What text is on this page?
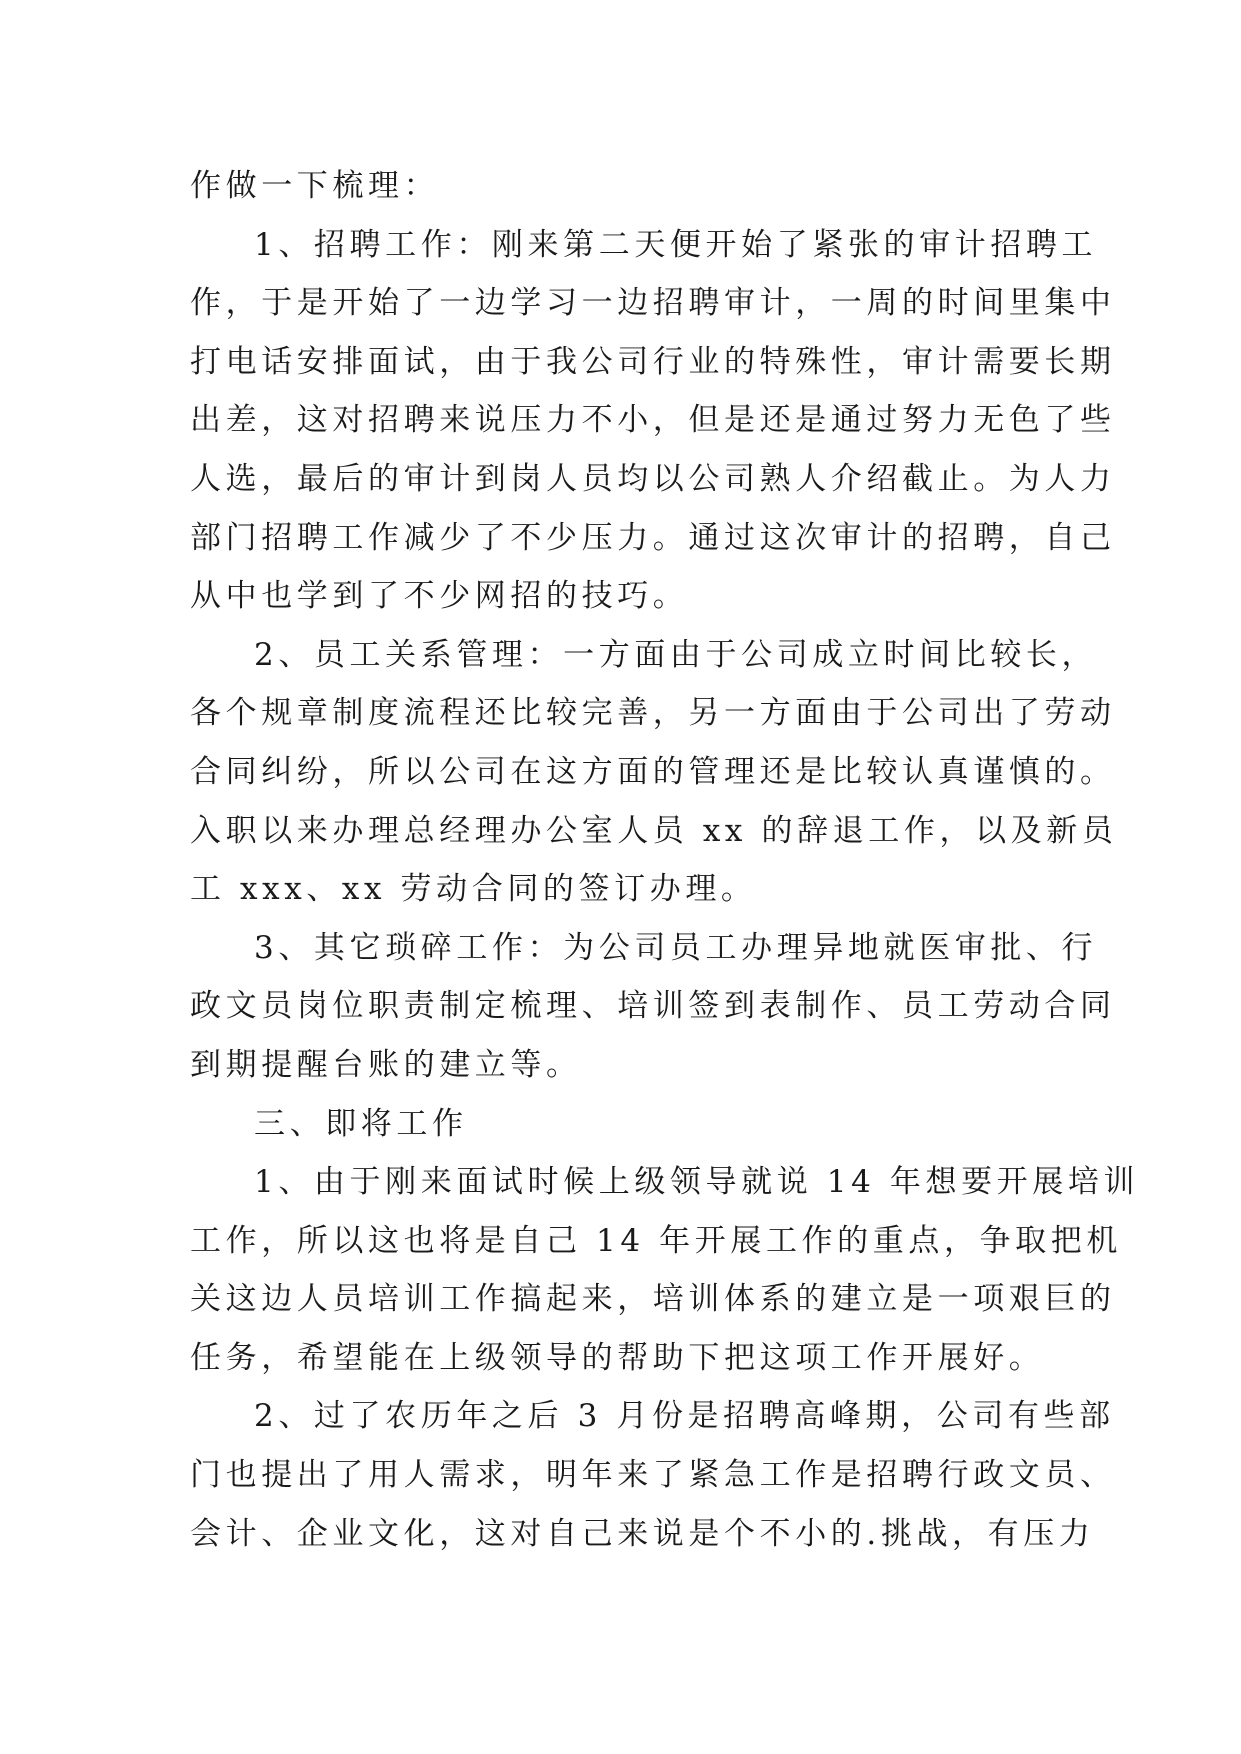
作做一下梳理：
1、招聘工作：刚来第二天便开始了紧张的审计招聘工
作，于是开始了一边学习一边招聘审计，一周的时间里集中
打电话安排面试，由于我公司行业的特殊性，审计需要长期
出差，这对招聘来说压力不小，但是还是通过努力无色了些
人选，最后的审计到岗人员均以公司熟人介绍截止。为人力
部门招聘工作减少了不少压力。通过这次审计的招聘，自己
从中也学到了不少网招的技巧。
2、员工关系管理：一方面由于公司成立时间比较长，
各个规章制度流程还比较完善，另一方面由于公司出了劳动
合同纠纷，所以公司在这方面的管理还是比较认真谨慎的。
入职以来办理总经理办公室人员 xx 的辞退工作，以及新员
工 xxx、xx 劳动合同的签订办理。
3、其它琐碎工作：为公司员工办理异地就医审批、行
政文员岗位职责制定梳理、培训签到表制作、员工劳动合同
到期提醒台账的建立等。
三、即将工作
1、由于刚来面试时候上级领导就说 14 年想要开展培训
工作，所以这也将是自己 14 年开展工作的重点，争取把机
关这边人员培训工作搞起来，培训体系的建立是一项艰巨的
任务，希望能在上级领导的帮助下把这项工作开展好。
2、过了农历年之后 3 月份是招聘高峰期，公司有些部
门也提出了用人需求，明年来了紧急工作是招聘行政文员、
会计、企业文化，这对自己来说是个不小的.挑战，有压力
